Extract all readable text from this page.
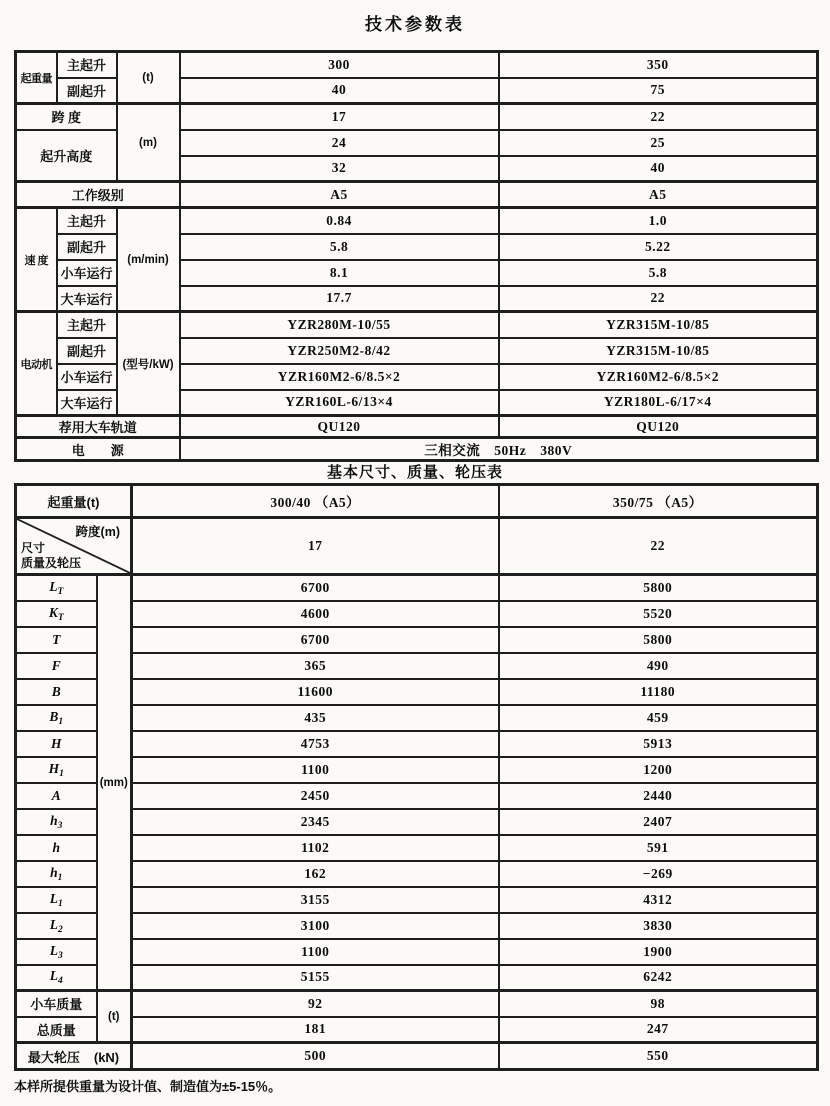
技术参数表
起重量	主起升	(t)	300	350
	副起升		40	75
跨 度		(m)	17	22
起升高度			24	25
			32	40
工作级别			A5	A5
速 度	主起升	(m/min)	0.84	1.0
	副起升		5.8	5.22
	小车运行		8.1	5.8
	大车运行		17.7	22
电动机	主起升	(型号/kW)	YZR280M-10/55	YZR315M-10/85
	副起升		YZR250M2-8/42	YZR315M-10/85
	小车运行		YZR160M2-6/8.5×2	YZR160M2-6/8.5×2
	大车运行		YZR160L-6/13×4	YZR180L-6/17×4
荐用大车轨道			QU120	QU120
电　　源			三相交流　50Hz　380V	
基本尺寸、质量、轮压表
起重量(t)		300/40 （A5）	350/75 （A5）

跨度(m)
尺寸
质量及轮压		17	22
$L_T$	(mm)	6700	5800
$K_T$		4600	5520
T		6700	5800
F		365	490
B		11600	11180
$B_1$		435	459
H		4753	5913
$H_1$		1100	1200
A		2450	2440
$h_3$		2345	2407
h		1102	591
$h_1$		162	−269
$L_1$		3155	4312
$L_2$		3100	3830
$L_3$		1100	1900
$L_4$		5155	6242
小车质量	(t)	92	98
总质量		181	247
最大轮压 (kN)		500	550
本样所提供重量为设计值、制造值为±5-15％。
